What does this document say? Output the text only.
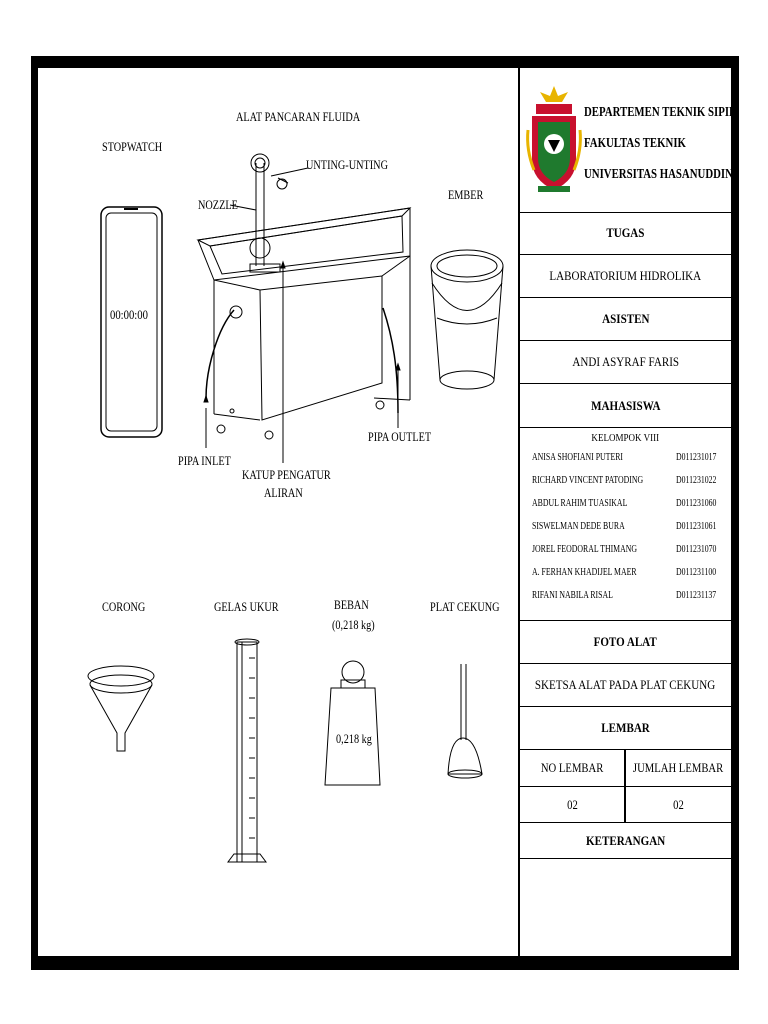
ALAT PANCARAN FLUIDA
STOPWATCH
UNTING-UNTING
NOZZLE
EMBER
00:00:00
PIPA INLET
KATUP PENGATUR
ALIRAN
PIPA OUTLET
CORONG	GELAS UKUR	BEBAN
(0,218 kg)
0,218 kg
PLAT CEKUNG
DEPARTEMEN TEKNIK SIPIL
FAKULTAS TEKNIK
UNIVERSITAS HASANUDDIN
TUGAS
LABORATORIUM HIDROLIKA
ASISTEN
ANDI ASYRAF FARIS
MAHASISWA
KELOMPOK VIII
ANISA SHOFIANI PUTERI	D011231017
RICHARD VINCENT PATODING	D011231022
ABDUL RAHIM TUASIKAL	D011231060
SISWELMAN DEDE BURA	D011231061
JOREL FEODORAL THIMANG	D011231070
A. FERHAN KHADIJEL MAER	D011231100
RIFANI NABILA RISAL	D011231137
FOTO ALAT
SKETSA ALAT PADA PLAT CEKUNG
LEMBAR
NO LEMBAR JUMLAH LEMBAR
02	02
KETERANGAN
